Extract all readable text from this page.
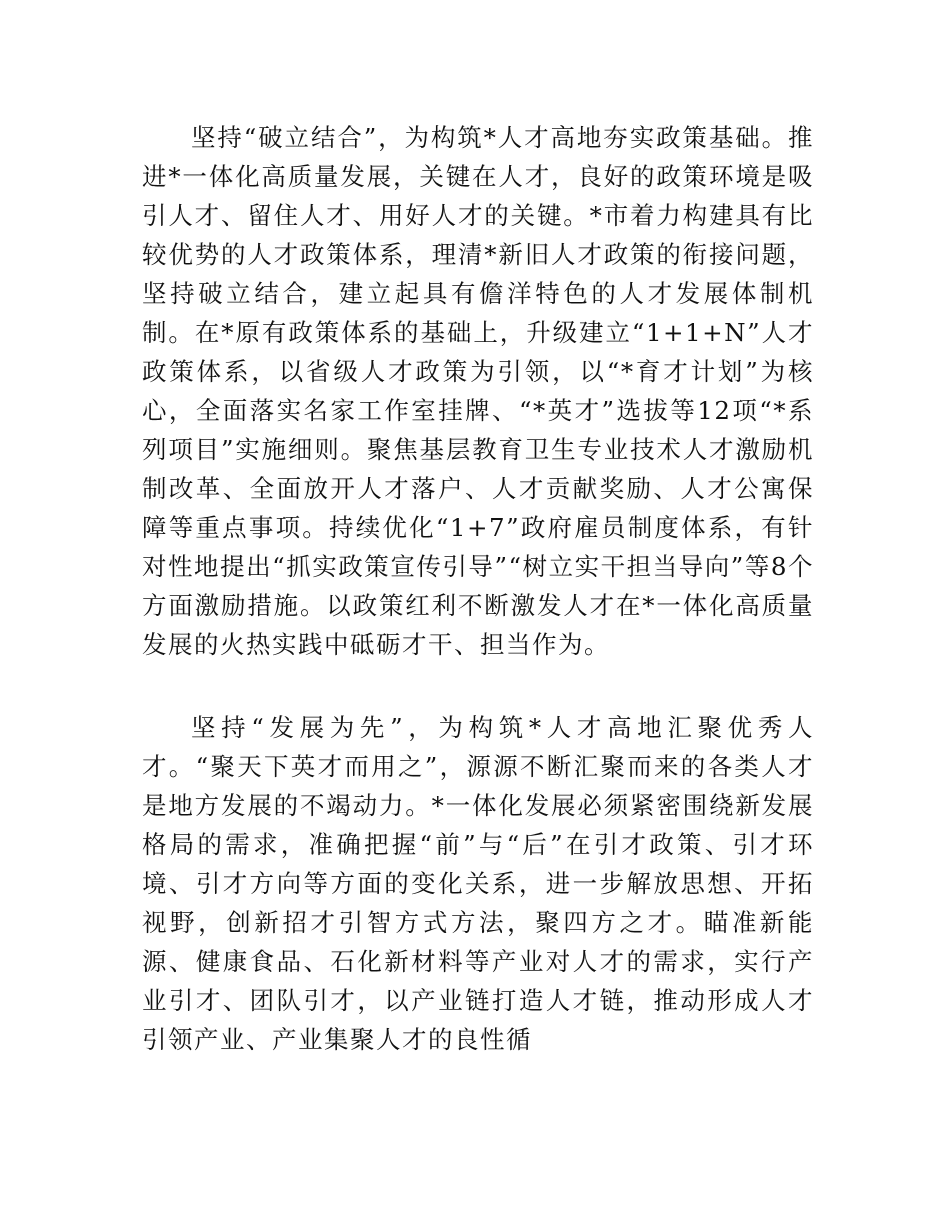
坚持“破立结合”，为构筑*人才高地夯实政策基础。推进*一体化高质量发展，关键在人才，良好的政策环境是吸引人才、留住人才、用好人才的关键。*市着力构建具有比较优势的人才政策体系，理清*新旧人才政策的衔接问题，坚持破立结合，建立起具有儋洋特色的人才发展体制机制。在*原有政策体系的基础上，升级建立“1+1+N”人才政策体系，以省级人才政策为引领，以“*育才计划”为核心，全面落实名家工作室挂牌、“*英才”选拔等12项“*系列项目”实施细则。聚焦基层教育卫生专业技术人才激励机制改革、全面放开人才落户、人才贡献奖励、人才公寓保障等重点事项。持续优化“1+7”政府雇员制度体系，有针对性地提出“抓实政策宣传引导”“树立实干担当导向”等8个方面激励措施。以政策红利不断激发人才在*一体化高质量发展的火热实践中砥砺才干、担当作为。

坚持“发展为先”，为构筑*人才高地汇聚优秀人才。“聚天下英才而用之”，源源不断汇聚而来的各类人才是地方发展的不竭动力。*一体化发展必须紧密围绕新发展格局的需求，准确把握“前”与“后”在引才政策、引才环境、引才方向等方面的变化关系，进一步解放思想、开拓视野，创新招才引智方式方法，聚四方之才。瞄准新能源、健康食品、石化新材料等产业对人才的需求，实行产业引才、团队引才，以产业链打造人才链，推动形成人才引领产业、产业集聚人才的良性循
